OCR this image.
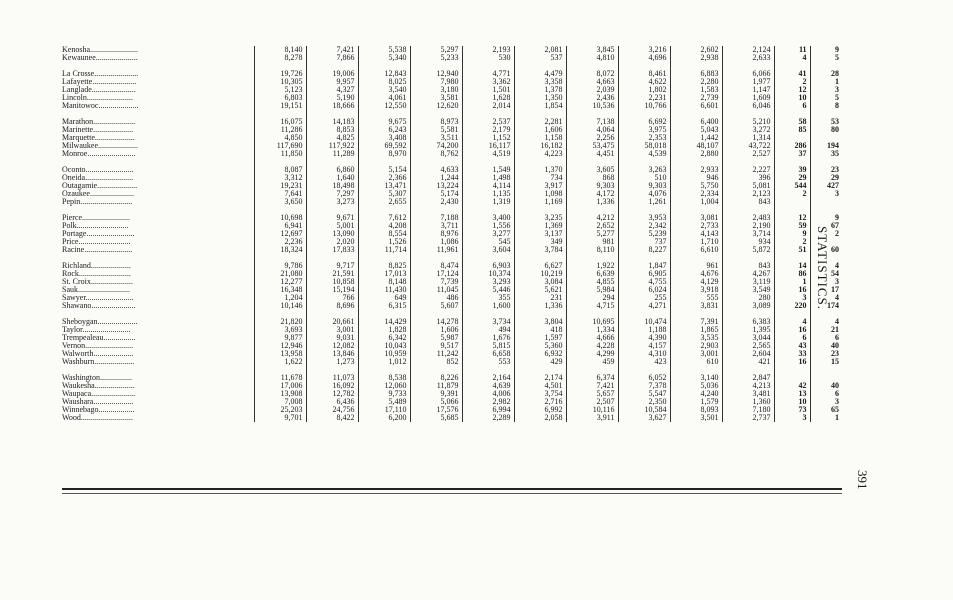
Kenosha........................	8,140	7,421	5,538	5,297	2,193	2,081	3,845	3,216	2,602	2,124	11	9
Kewaunee.....................	8,278	7,866	5,340	5,233	530	537	4,810	4,696	2,938	2,633	4	5

La Crosse......................	19,726	19,006	12,843	12,940	4,771	4,479	8,072	8,461	6,883	6,066	41	28
Lafayette......................	10,305	9,957	8,025	7,980	3,362	3,358	4,663	4,622	2,280	1,977	2	1
Langlade......................	5,123	4,327	3,540	3,180	1,501	1,378	2,039	1,802	1,583	1,147	12	3
Lincoln.......................	6,803	5,190	4,061	3,581	1,628	1,350	2,436	2,231	2,739	1,609	10	5
Manitowoc....................	19,151	18,666	12,550	12,620	2,014	1,854	10,536	10,766	6,601	6,046	6	8

Marathon.....................	16,075	14,183	9,675	8,973	2,537	2,281	7,138	6,692	6,400	5,210	58	53
Marinette....................	11,286	8,853	6,243	5,581	2,179	1,606	4,064	3,975	5,043	3,272	85	80
Marquette....................	4,850	4,825	3,408	3,511	1,152	1,158	2,256	2,353	1,442	1,314		
Milwaukee....................	117,690	117,922	69,592	74,200	16,117	16,182	53,475	58,018	48,107	43,722	286	194
Monroe........................	11,850	11,289	8,970	8,762	4,519	4,223	4,451	4,539	2,880	2,527	37	35

Oconto........................	8,087	6,860	5,154	4,633	1,549	1,370	3,605	3,263	2,933	2,227	39	23
Oneida........................	3,312	1,640	2,366	1,244	1,498	734	868	510	946	396	29	29
Outagamie....................	19,231	18,498	13,471	13,224	4,114	3,917	9,303	9,303	5,750	5,081	544	427
Ozaukee......................	7,641	7,297	5,307	5,174	1,135	1,098	4,172	4,076	2,334	2,123	2	3
Pepin..........................	3,650	3,273	2,655	2,430	1,319	1,169	1,336	1,261	1,004	843		

Pierce........................	10,698	9,671	7,612	7,188	3,400	3,235	4,212	3,953	3,081	2,483	12	9
Polk..........................	6,941	5,001	4,208	3,711	1,556	1,369	2,652	2,342	2,733	2,190	59	67
Portage........................	12,697	13,090	8,554	8,976	3,277	3,137	5,277	5,239	4,143	3,714	9	2
Price..........................	2,236	2,020	1,526	1,086	545	349	981	737	1,710	934	2	
Racine........................	18,324	17,833	11,714	11,961	3,604	3,784	8,110	8,227	6,610	5,872	51	60

Richland....................	9,786	9,717	8,825	8,474	6,903	6,627	1,922	1,847	961	843	14	4
Rock..........................	21,080	21,591	17,013	17,124	10,374	10,219	6,639	6,905	4,676	4,267	86	54
St. Croix.....................	12,277	10,858	8,148	7,739	3,293	3,084	4,855	4,755	4,129	3,119	1	3
Sauk..........................	16,348	15,194	11,430	11,045	5,446	5,621	5,984	6,024	3,918	3,549	16	17
Sawyer........................	1,204	766	649	486	355	231	294	255	555	280	3	4
Shawano......................	10,146	8,696	6,315	5,607	1,600	1,336	4,715	4,271	3,831	3,089	220	174

Sheboygan....................	21,820	20,661	14,429	14,278	3,734	3,804	10,695	10,474	7,391	6,383	4	4
Taylor........................	3,693	3,001	1,828	1,606	494	418	1,334	1,188	1,865	1,395	16	21
Trempealeau................	9,877	9,031	6,342	5,987	1,676	1,597	4,666	4,390	3,535	3,044	6	6
Vernon........................	12,946	12,082	10,043	9,517	5,815	5,360	4,228	4,157	2,903	2,565	43	40
Walworth....................	13,958	13,846	10,959	11,242	6,658	6,932	4,299	4,310	3,001	2,604	33	23
Washburn....................	1,622	1,273	1,012	852	553	429	459	423	610	421	16	15

Washington................	11,678	11,073	8,538	8,226	2,164	2,174	6,374	6,052	3,140	2,847		
Waukesha....................	17,006	16,092	12,060	11,879	4,639	4,501	7,421	7,378	5,036	4,213	42	40
Waupaca......................	13,908	12,782	9,733	9,391	4,006	3,754	5,657	5,547	4,240	3,481	13	6
Waushara....................	7,008	6,436	5,489	5,066	2,982	2,716	2,507	2,350	1,579	1,360	10	3
Winnebago..................	25,203	24,756	17,110	17,576	6,994	6,992	10,116	10,584	8,093	7,180	73	65
Wood..........................	9,701	8,422	6,200	5,685	2,289	2,058	3,911	3,627	3,501	2,737	3	1
STATISTICS.
391
